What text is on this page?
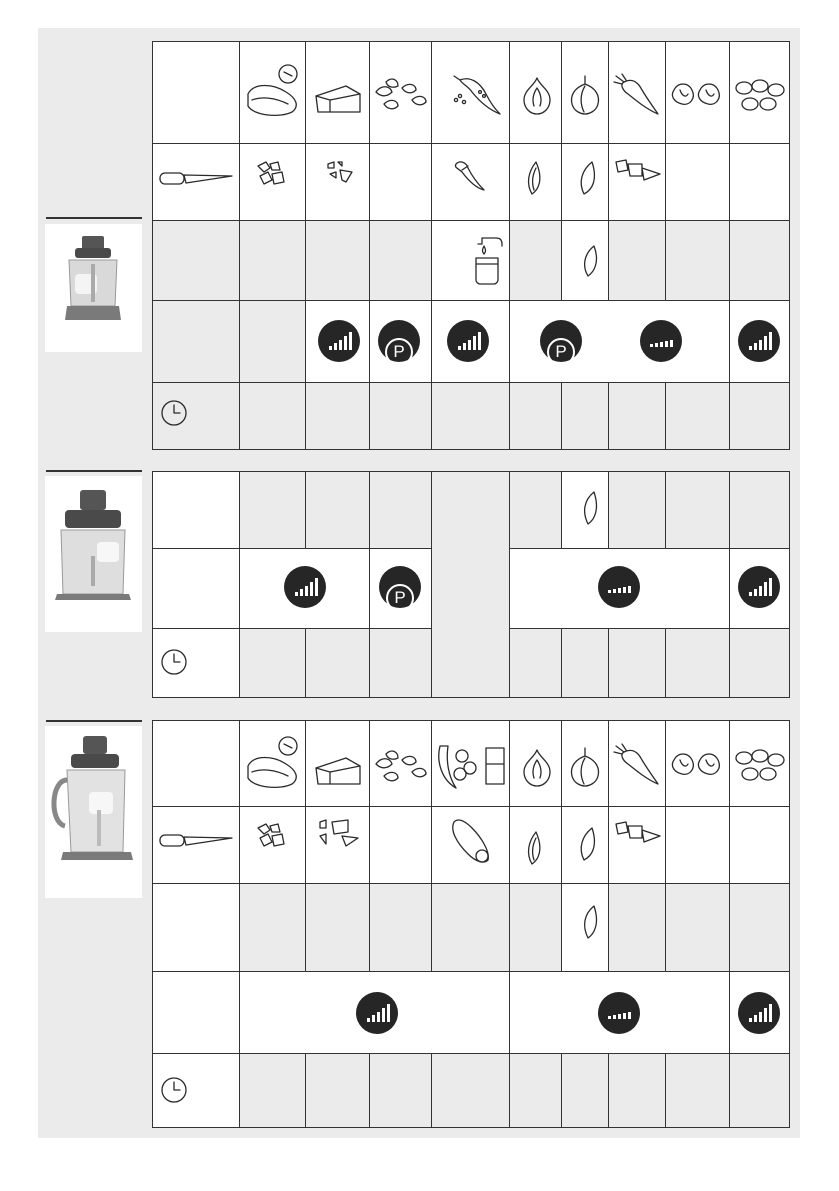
P	P
P
